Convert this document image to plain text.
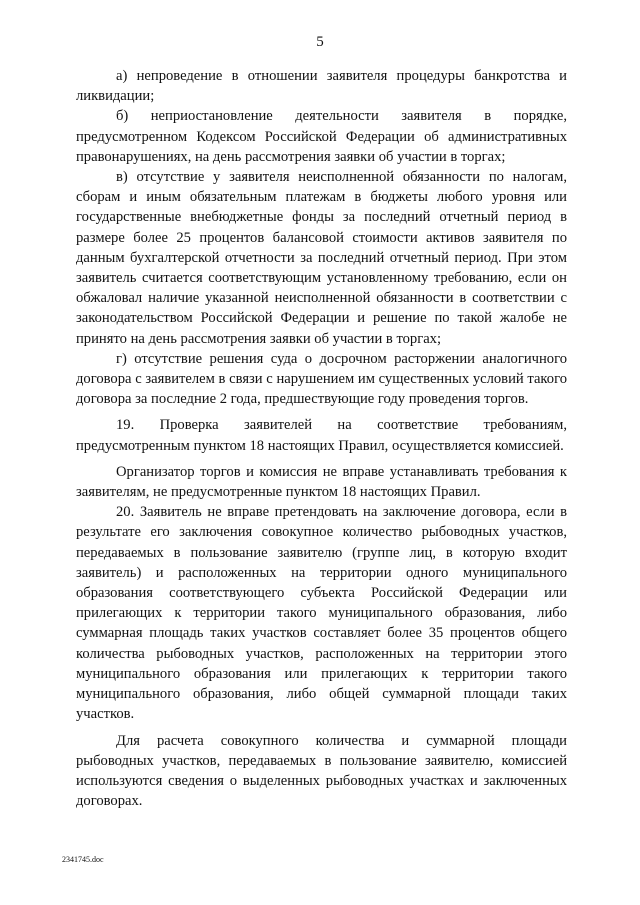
5

а) непроведение в отношении заявителя процедуры банкротства и ликвидации;

б) неприостановление деятельности заявителя в порядке, предусмотренном Кодексом Российской Федерации об административных правонарушениях, на день рассмотрения заявки об участии в торгах;

в) отсутствие у заявителя неисполненной обязанности по налогам, сборам и иным обязательным платежам в бюджеты любого уровня или государственные внебюджетные фонды за последний отчетный период в размере более 25 процентов балансовой стоимости активов заявителя по данным бухгалтерской отчетности за последний отчетный период. При этом заявитель считается соответствующим установленному требованию, если он обжаловал наличие указанной неисполненной обязанности в соответствии с законодательством Российской Федерации и решение по такой жалобе не принято на день рассмотрения заявки об участии в торгах;

г) отсутствие решения суда о досрочном расторжении аналогичного договора с заявителем в связи с нарушением им существенных условий такого договора за последние 2 года, предшествующие году проведения торгов.

19. Проверка заявителей на соответствие требованиям, предусмотренным пунктом 18 настоящих Правил, осуществляется комиссией.

Организатор торгов и комиссия не вправе устанавливать требования к заявителям, не предусмотренные пунктом 18 настоящих Правил.

20. Заявитель не вправе претендовать на заключение договора, если в результате его заключения совокупное количество рыбоводных участков, передаваемых в пользование заявителю (группе лиц, в которую входит заявитель) и расположенных на территории одного муниципального образования соответствующего субъекта Российской Федерации или прилегающих к территории такого муниципального образования, либо суммарная площадь таких участков составляет более 35 процентов общего количества рыбоводных участков, расположенных на территории этого муниципального образования или прилегающих к территории такого муниципального образования, либо общей суммарной площади таких участков.

Для расчета совокупного количества и суммарной площади рыбоводных участков, передаваемых в пользование заявителю, комиссией используются сведения о выделенных рыбоводных участках и заключенных договорах.

2341745.doc
